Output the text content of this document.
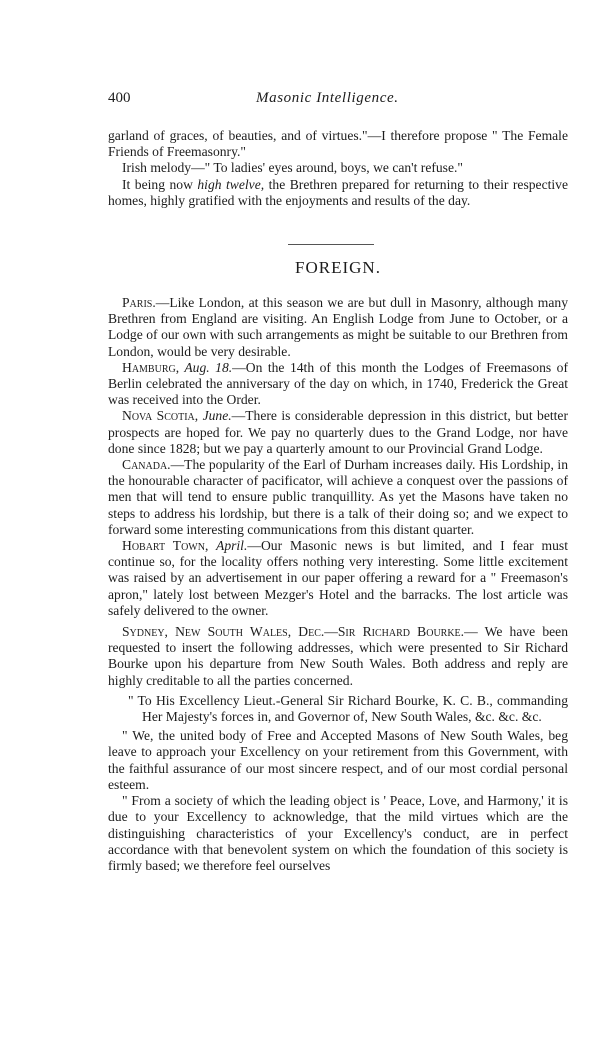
400	Masonic Intelligence.

garland of graces, of beauties, and of virtues."—I therefore propose " The Female Friends of Freemasonry."

Irish melody—" To ladies' eyes around, boys, we can't refuse."

It being now high twelve, the Brethren prepared for returning to their respective homes, highly gratified with the enjoyments and results of the day.

FOREIGN.

Paris.—Like London, at this season we are but dull in Masonry, although many Brethren from England are visiting. An English Lodge from June to October, or a Lodge of our own with such arrangements as might be suitable to our Brethren from London, would be very desirable.

Hamburg, Aug. 18.—On the 14th of this month the Lodges of Freemasons of Berlin celebrated the anniversary of the day on which, in 1740, Frederick the Great was received into the Order.

Nova Scotia, June.—There is considerable depression in this district, but better prospects are hoped for. We pay no quarterly dues to the Grand Lodge, nor have done since 1828; but we pay a quarterly amount to our Provincial Grand Lodge.

Canada.—The popularity of the Earl of Durham increases daily. His Lordship, in the honourable character of pacificator, will achieve a conquest over the passions of men that will tend to ensure public tranquillity. As yet the Masons have taken no steps to address his lordship, but there is a talk of their doing so; and we expect to forward some interesting communications from this distant quarter.

Hobart Town, April.—Our Masonic news is but limited, and I fear must continue so, for the locality offers nothing very interesting. Some little excitement was raised by an advertisement in our paper offering a reward for a " Freemason's apron," lately lost between Mezger's Hotel and the barracks. The lost article was safely delivered to the owner.

Sydney, New South Wales, Dec.—Sir Richard Bourke.— We have been requested to insert the following addresses, which were presented to Sir Richard Bourke upon his departure from New South Wales. Both address and reply are highly creditable to all the parties concerned.

" To His Excellency Lieut.-General Sir Richard Bourke, K. C. B., commanding Her Majesty's forces in, and Governor of, New South Wales, &c. &c. &c.

" We, the united body of Free and Accepted Masons of New South Wales, beg leave to approach your Excellency on your retirement from this Government, with the faithful assurance of our most sincere respect, and of our most cordial personal esteem.

" From a society of which the leading object is ' Peace, Love, and Harmony,' it is due to your Excellency to acknowledge, that the mild virtues which are the distinguishing characteristics of your Excellency's conduct, are in perfect accordance with that benevolent system on which the foundation of this society is firmly based; we therefore feel ourselves
